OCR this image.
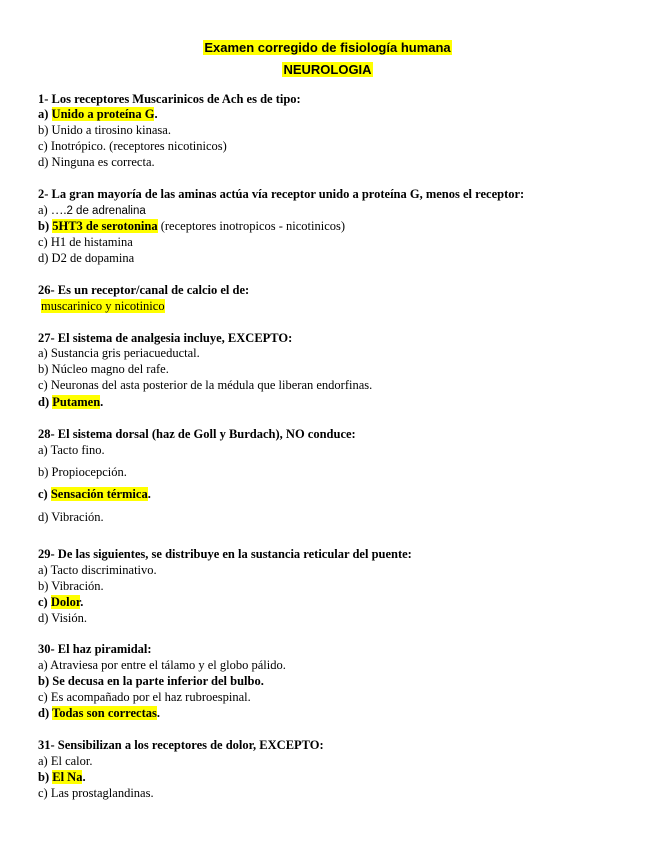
Examen corregido de fisiología humana
NEUROLOGIA
1- Los receptores Muscarinicos de Ach es de tipo:
a) Unido a proteína G.
b) Unido a tirosino kinasa.
c) Inotrópico. (receptores nicotinicos)
d) Ninguna es correcta.
2- La gran mayoría de las aminas actúa vía receptor unido a proteína G, menos el receptor:
a) ….2 de adrenalina
b) 5HT3 de serotonina (receptores inotropicos - nicotinicos)
c) H1 de histamina
d) D2 de dopamina
26- Es un receptor/canal de calcio el de:
muscarinico y nicotinico
27- El sistema de analgesia incluye, EXCEPTO:
a) Sustancia gris periacueductal.
b) Núcleo magno del rafe.
c) Neuronas del asta posterior de la médula que liberan endorfinas.
d) Putamen.
28- El sistema dorsal (haz de Goll y Burdach), NO conduce:
a) Tacto fino.
b) Propiocepción.
c) Sensación térmica.
d) Vibración.
29- De las siguientes, se distribuye en la sustancia reticular del puente:
a) Tacto discriminativo.
b) Vibración.
c) Dolor.
d) Visión.
30- El haz piramidal:
a) Atraviesa por entre el tálamo y el globo pálido.
b) Se decusa en la parte inferior del bulbo.
c) Es acompañado por el haz rubroespinal.
d) Todas son correctas.
31- Sensibilizan a los receptores de dolor, EXCEPTO:
a) El calor.
b) El Na.
c) Las prostaglandinas.
